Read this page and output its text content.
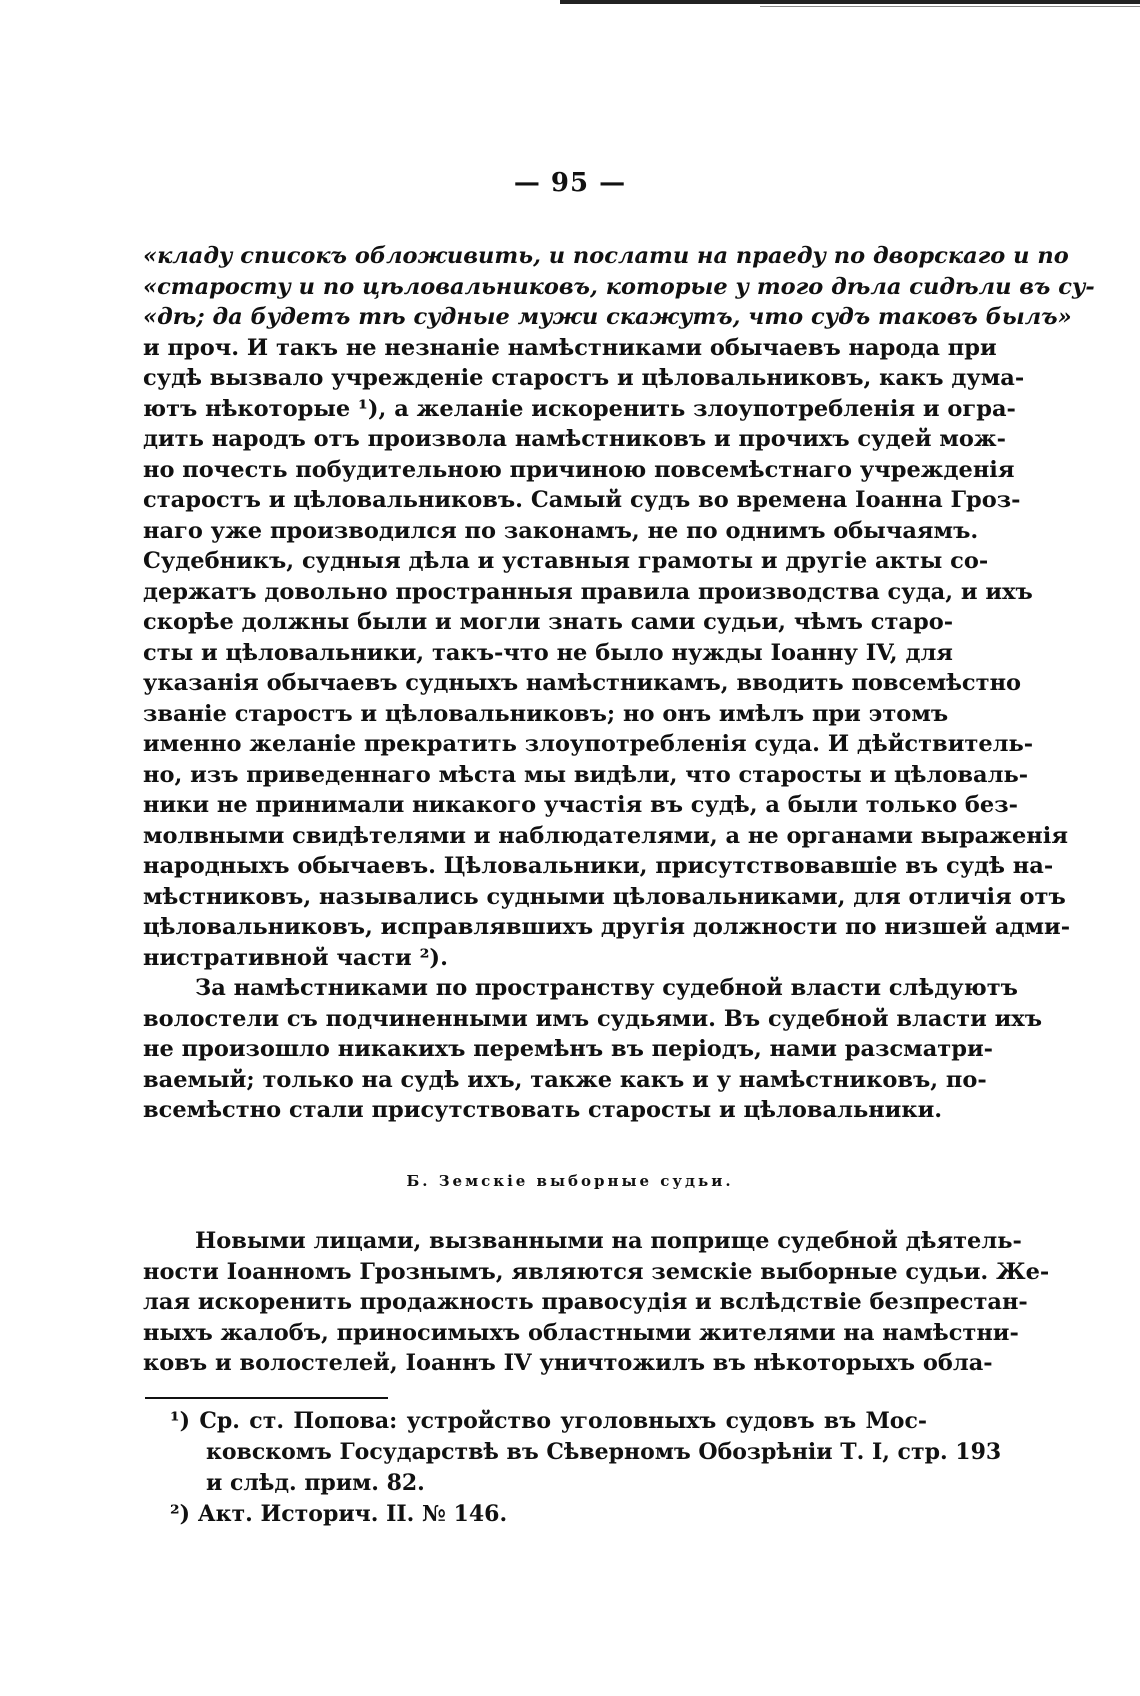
— 95 —
«кладу списокъ обложивить, и послати на праеду по дворскаго и по
«старосту и по цѣловальниковъ, которые у того дѣла сидѣли въ су-
«дѣ; да будетъ тѣ судные мужи скажутъ, что судъ таковъ былъ»
и проч. И такъ не незнаніе намѣстниками обычаевъ народа при
судѣ вызвало учрежденіе старостъ и цѣловальниковъ, какъ дума-
ютъ нѣкоторые ¹), а желаніе искоренить злоупотребленія и огра-
дить народъ отъ произвола намѣстниковъ и прочихъ судей мож-
но почесть побудительною причиною повсемѣстнаго учрежденія
старостъ и цѣловальниковъ. Самый судъ во времена Іоанна Гроз-
наго уже производился по законамъ, не по однимъ обычаямъ.
Судебникъ, судныя дѣла и уставныя грамоты и другіе акты со-
держатъ довольно пространныя правила производства суда, и ихъ
скорѣе должны были и могли знать сами судьи, чѣмъ старо-
сты и цѣловальники, такъ-что не было нужды Іоанну IV, для
указанія обычаевъ судныхъ намѣстникамъ, вводить повсемѣстно
званіе старостъ и цѣловальниковъ; но онъ имѣлъ при этомъ
именно желаніе прекратить злоупотребленія суда. И дѣйствитель-
но, изъ приведеннаго мѣста мы видѣли, что старосты и цѣловаль-
ники не принимали никакого участія въ судѣ, а были только без-
молвными свидѣтелями и наблюдателями, а не органами выраженія
народныхъ обычаевъ. Цѣловальники, присутствовавшіе въ судѣ на-
мѣстниковъ, назывались судными цѣловальниками, для отличія отъ
цѣловальниковъ, исправлявшихъ другія должности по низшей адми-
нистративной части ²).
За намѣстниками по пространству судебной власти слѣдуютъ
волостели съ подчиненными имъ судьями. Въ судебной власти ихъ
не произошло никакихъ перемѣнъ въ періодъ, нами разсматри-
ваемый; только на судѣ ихъ, также какъ и у намѣстниковъ, по-
всемѣстно стали присутствовать старосты и цѣловальники.
Б. Земскіе выборные судьи.
Новыми лицами, вызванными на поприще судебной дѣятель-
ности Іоанномъ Грознымъ, являются земскіе выборные судьи. Же-
лая искоренить продажность правосудія и вслѣдствіе безпрестан-
ныхъ жалобъ, приносимыхъ областными жителями на намѣстни-
ковъ и волостелей, Іоаннъ IV уничтожилъ въ нѣкоторыхъ обла-
¹) Ср. ст. Попова: устройство уголовныхъ судовъ въ Мос-
ковскомъ Государствѣ въ Сѣверномъ Обозрѣніи Т. I, стр. 193
и слѣд. прим. 82.
²) Акт. Историч. II. № 146.
